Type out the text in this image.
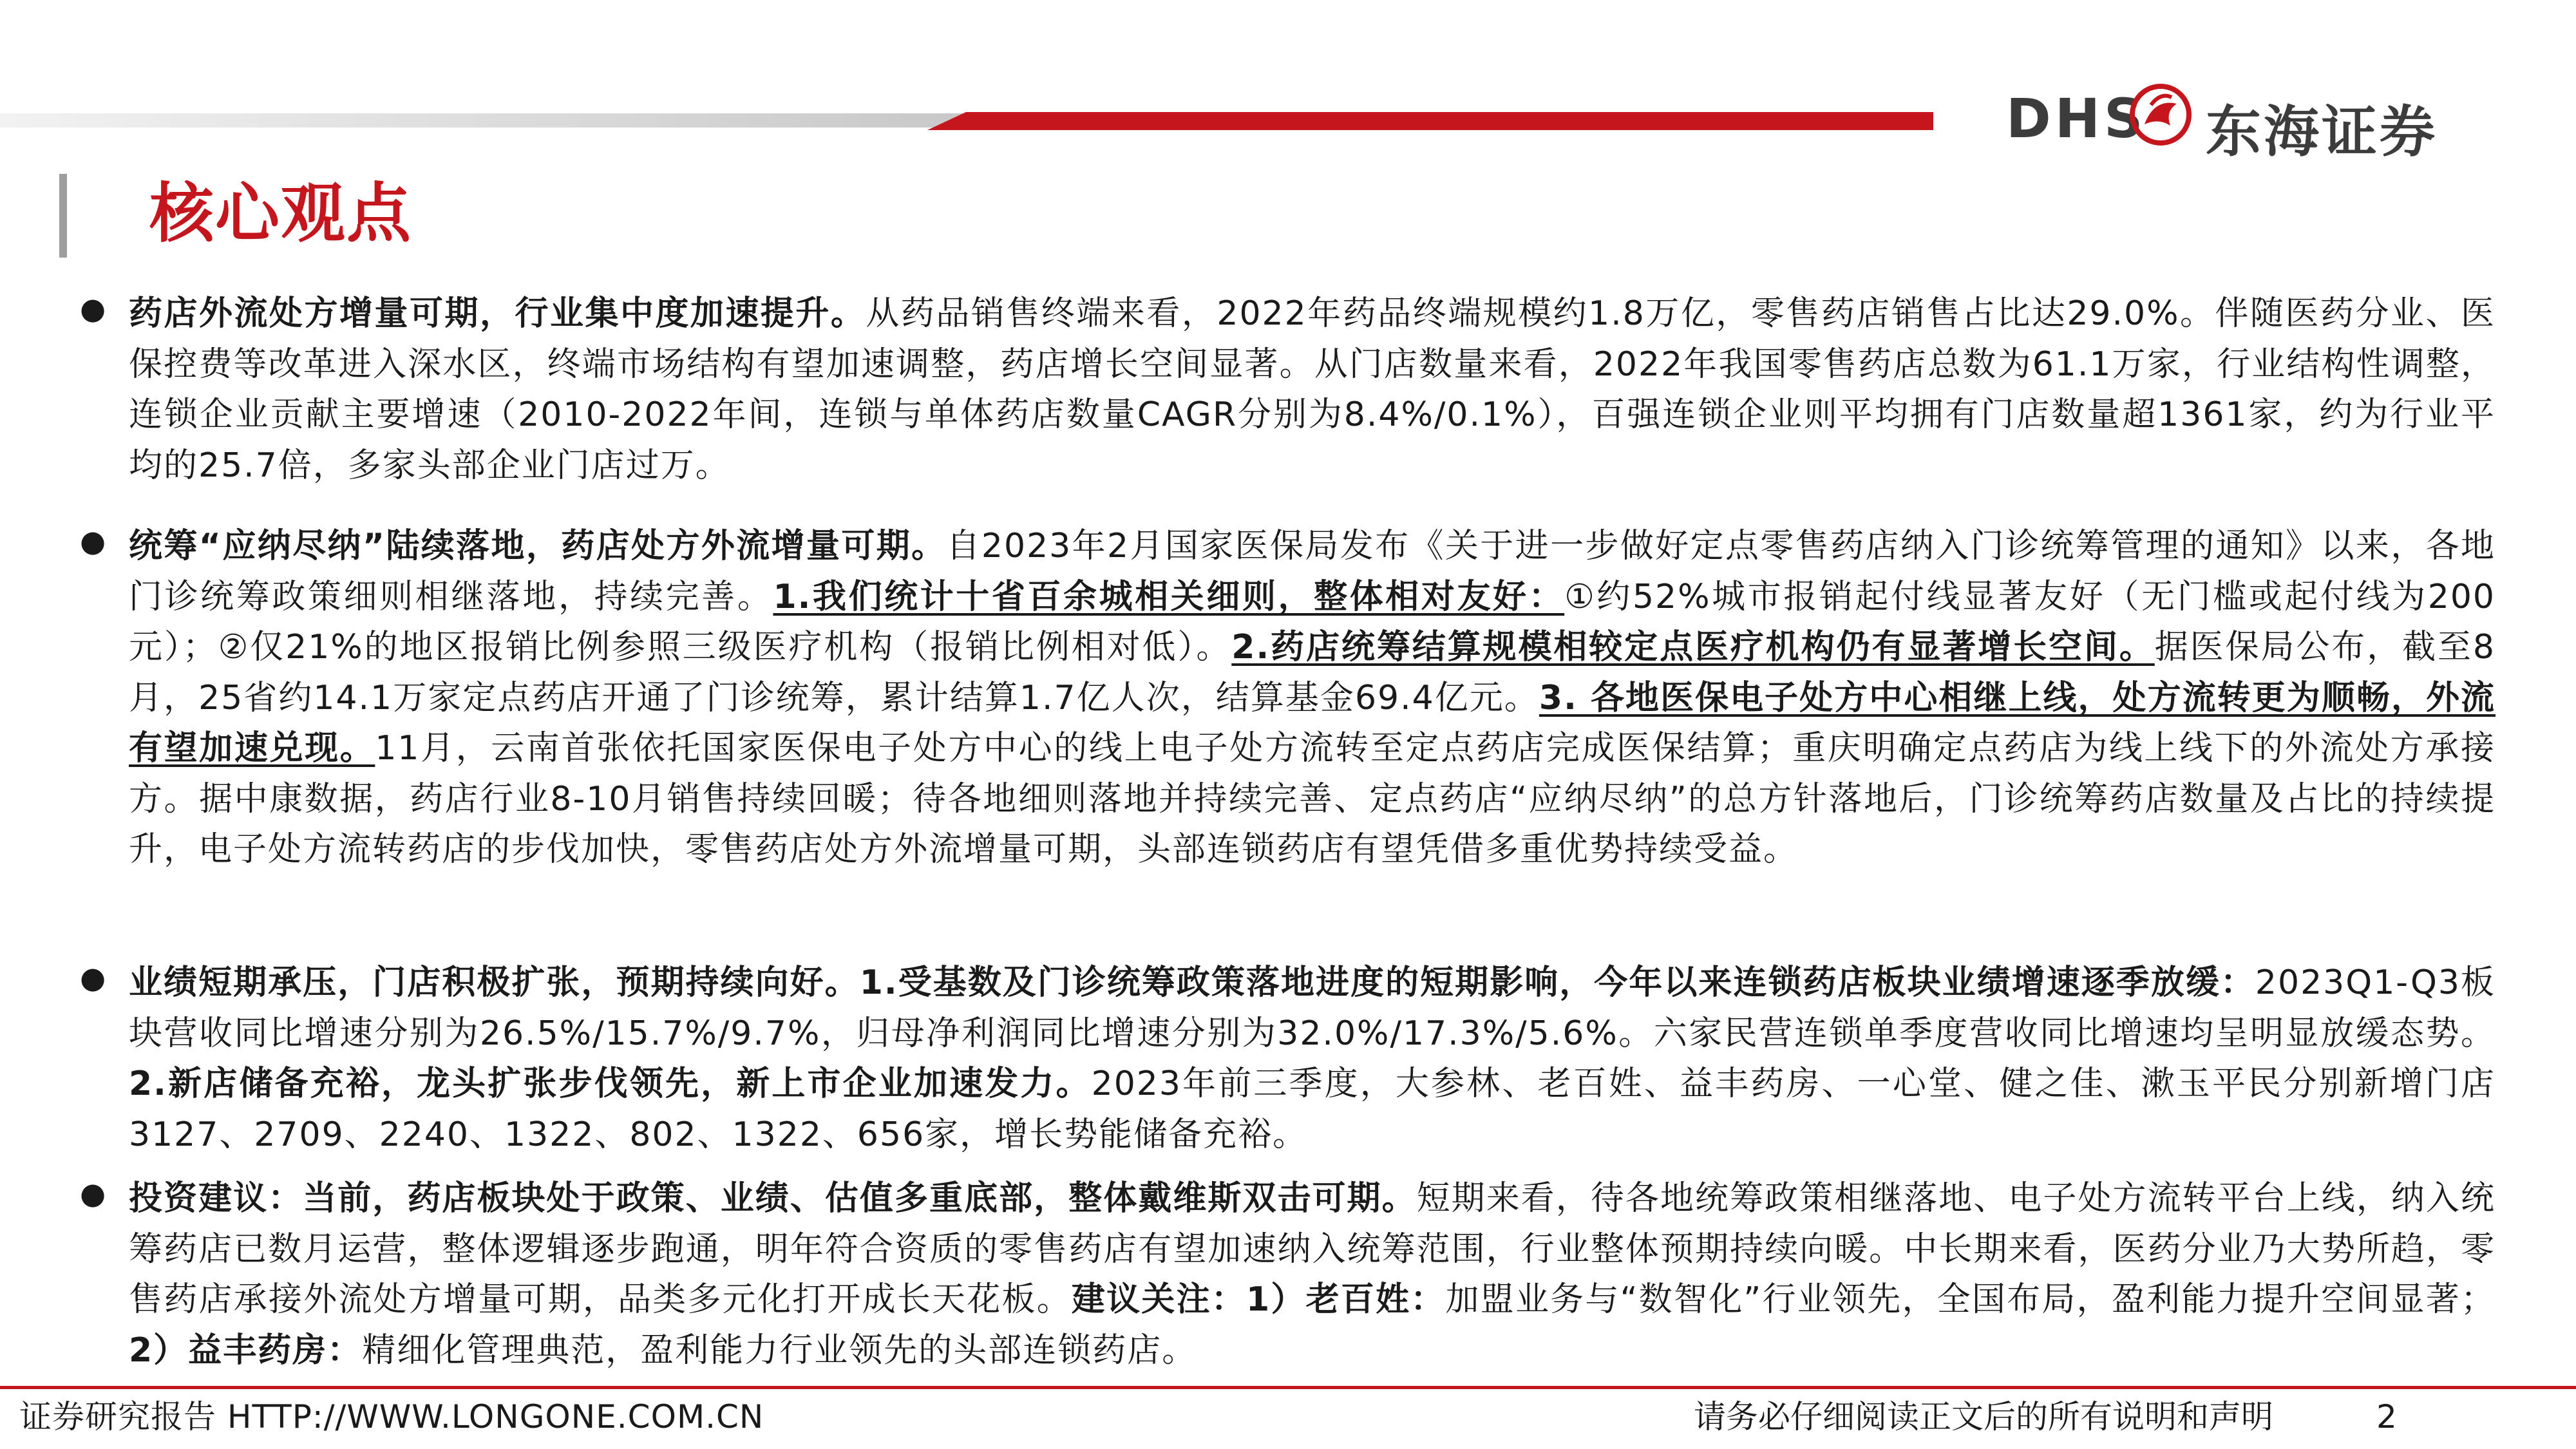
DHS 东海证券
核心观点
● 药店外流处方增量可期，行业集中度加速提升。从药品销售终端来看，2022年药品终端规模约1.8万亿，零售药店销售占比达29.0%。伴随医药分业、医保控费等改革进入深水区，终端市场结构有望加速调整，药店增长空间显著。从门店数量来看，2022年我国零售药店总数为61.1万家，行业结构性调整，连锁企业贡献主要增速（2010-2022年间，连锁与单体药店数量CAGR分别为8.4%/0.1%），百强连锁企业则平均拥有门店数量超1361家，约为行业平均的25.7倍，多家头部企业门店过万。
● 统筹“应纳尽纳”陆续落地，药店处方外流增量可期。自2023年2月国家医保局发布《关于进一步做好定点零售药店纳入门诊统筹管理的通知》以来，各地门诊统筹政策细则相继落地，持续完善。1.我们统计十省百余城相关细则，整体相对友好：①约52%城市报销起付线显著友好（无门槛或起付线为200元）；②仅21%的地区报销比例参照三级医疗机构（报销比例相对低）。2.药店统筹结算规模相较定点医疗机构仍有显著增长空间。据医保局公布，截至8月，25省约14.1万家定点药店开通了门诊统筹，累计结算1.7亿人次，结算基金69.4亿元。3. 各地医保电子处方中心相继上线，处方流转更为顺畅，外流有望加速兑现。11月，云南首张依托国家医保电子处方中心的线上电子处方流转至定点药店完成医保结算；重庆明确定点药店为线上线下的外流处方承接方。据中康数据，药店行业8-10月销售持续回暖；待各地细则落地并持续完善、定点药店“应纳尽纳”的总方针落地后，门诊统筹药店数量及占比的持续提升，电子处方流转药店的步伐加快，零售药店处方外流增量可期，头部连锁药店有望凭借多重优势持续受益。
● 业绩短期承压，门店积极扩张，预期持续向好。1.受基数及门诊统筹政策落地进度的短期影响，今年以来连锁药店板块业绩增速逐季放缓：2023Q1-Q3板块营收同比增速分别为26.5%/15.7%/9.7%，归母净利润同比增速分别为32.0%/17.3%/5.6%。六家民营连锁单季度营收同比增速均呈明显放缓态势。2.新店储备充裕，龙头扩张步伐领先，新上市企业加速发力。2023年前三季度，大参林、老百姓、益丰药房、一心堂、健之佳、漱玉平民分别新增门店3127、2709、2240、1322、802、1322、656家，增长势能储备充裕。
● 投资建议：当前，药店板块处于政策、业绩、估值多重底部，整体戴维斯双击可期。短期来看，待各地统筹政策相继落地、电子处方流转平台上线，纳入统筹药店已数月运营，整体逻辑逐步跑通，明年符合资质的零售药店有望加速纳入统筹范围，行业整体预期持续向暖。中长期来看，医药分业乃大势所趋，零售药店承接外流处方增量可期，品类多元化打开成长天花板。建议关注：1）老百姓：加盟业务与“数智化”行业领先，全国布局，盈利能力提升空间显著；2）益丰药房：精细化管理典范，盈利能力行业领先的头部连锁药店。
证券研究报告 HTTP://WWW.LONGONE.COM.CN	请务必仔细阅读正文后的所有说明和声明	2
